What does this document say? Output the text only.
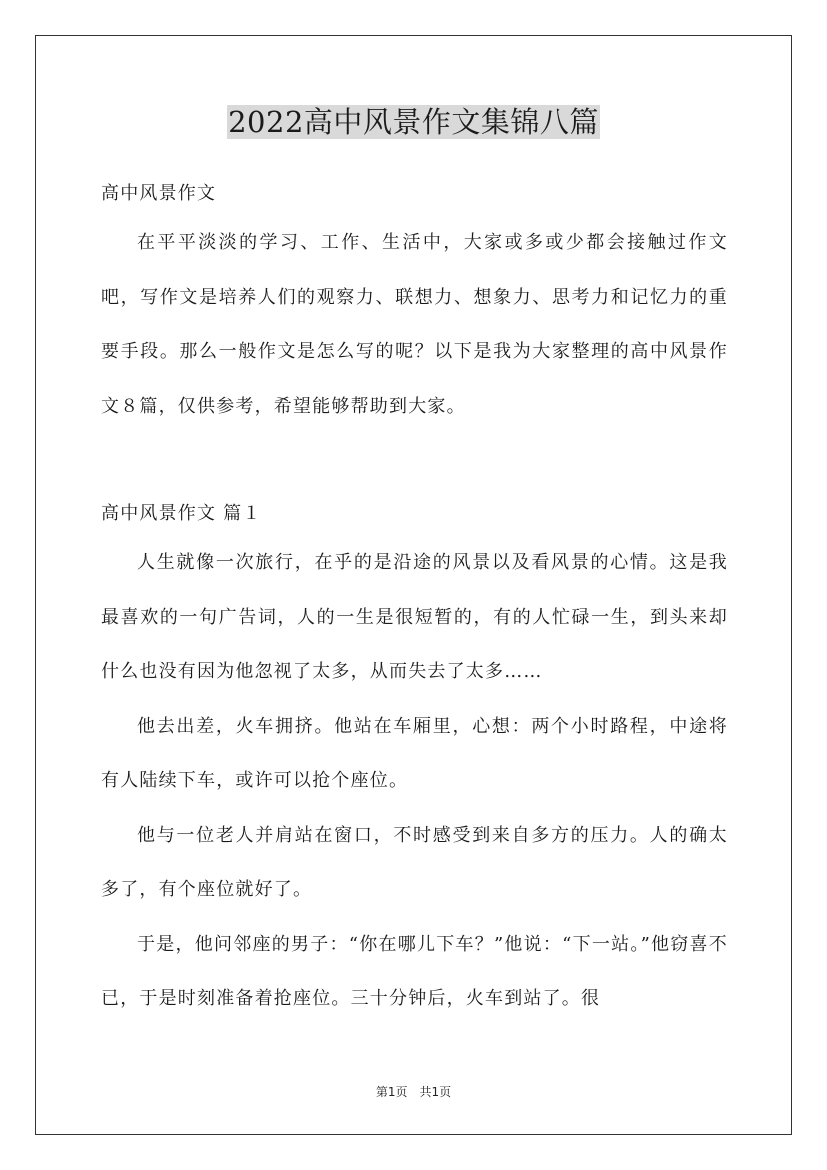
2022高中风景作文集锦八篇

高中风景作文

在平平淡淡的学习、工作、生活中，大家或多或少都会接触过作文吧，写作文是培养人们的观察力、联想力、想象力、思考力和记忆力的重要手段。那么一般作文是怎么写的呢？以下是我为大家整理的高中风景作文８篇，仅供参考，希望能够帮助到大家。

高中风景作文 篇１

人生就像一次旅行，在乎的是沿途的风景以及看风景的心情。这是我最喜欢的一句广告词，人的一生是很短暂的，有的人忙碌一生，到头来却什么也没有因为他忽视了太多，从而失去了太多……

他去出差，火车拥挤。他站在车厢里，心想：两个小时路程，中途将有人陆续下车，或许可以抢个座位。

他与一位老人并肩站在窗口，不时感受到来自多方的压力。人的确太多了，有个座位就好了。

于是，他问邻座的男子：“你在哪儿下车？”他说：“下一站。”他窃喜不已，于是时刻准备着抢座位。三十分钟后，火车到站了。很

第1页　共1页
